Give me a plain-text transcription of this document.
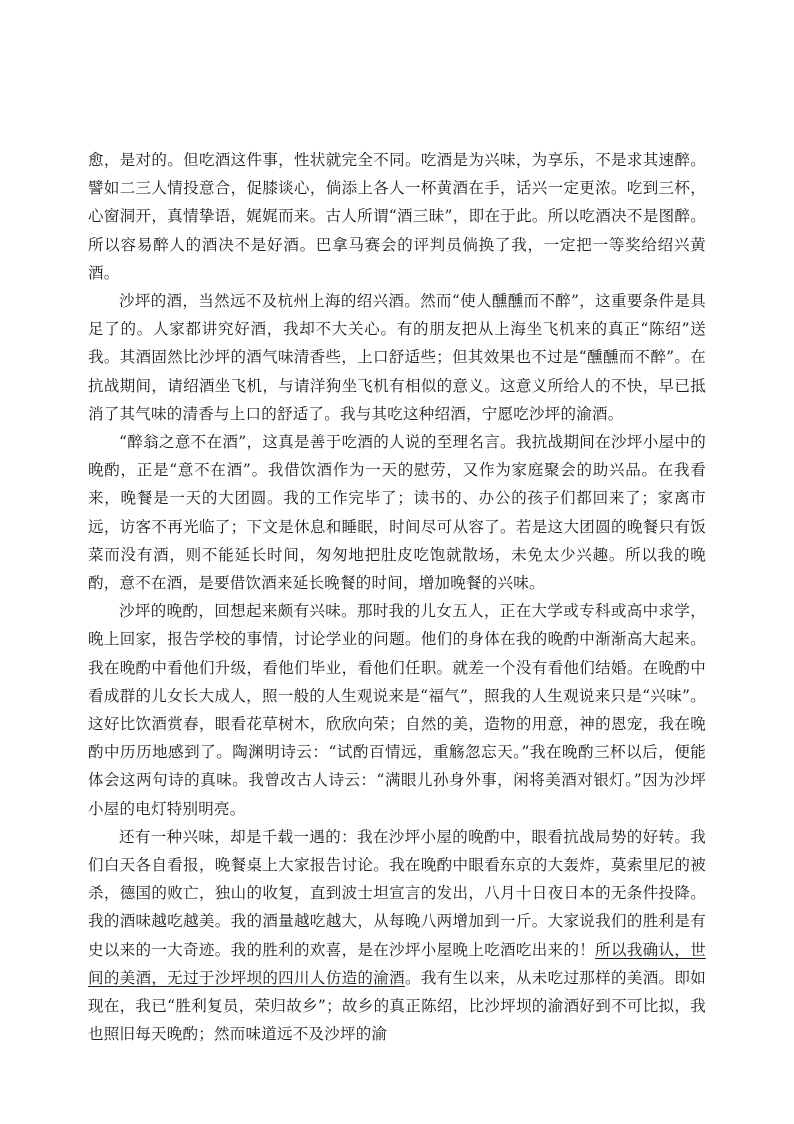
愈，是对的。但吃酒这件事，性状就完全不同。吃酒是为兴味，为享乐，不是求其速醉。譬如二三人情投意合，促膝谈心，倘添上各人一杯黄酒在手，话兴一定更浓。吃到三杯，心窗洞开，真情挚语，娓娓而来。古人所谓“酒三昧”，即在于此。所以吃酒决不是图醉。所以容易醉人的酒决不是好酒。巴拿马赛会的评判员倘换了我，一定把一等奖给绍兴黄酒。

沙坪的酒，当然远不及杭州上海的绍兴酒。然而“使人醺醺而不醉”，这重要条件是具足了的。人家都讲究好酒，我却不大关心。有的朋友把从上海坐飞机来的真正“陈绍”送我。其酒固然比沙坪的酒气味清香些，上口舒适些；但其效果也不过是“醺醺而不醉”。在抗战期间，请绍酒坐飞机，与请洋狗坐飞机有相似的意义。这意义所给人的不快，早已抵消了其气味的清香与上口的舒适了。我与其吃这种绍酒，宁愿吃沙坪的渝酒。

“醉翁之意不在酒”，这真是善于吃酒的人说的至理名言。我抗战期间在沙坪小屋中的晚酌，正是“意不在酒”。我借饮酒作为一天的慰劳，又作为家庭聚会的助兴品。在我看来，晚餐是一天的大团圆。我的工作完毕了；读书的、办公的孩子们都回来了；家离市远，访客不再光临了；下文是休息和睡眠，时间尽可从容了。若是这大团圆的晚餐只有饭菜而没有酒，则不能延长时间，匆匆地把肚皮吃饱就散场，未免太少兴趣。所以我的晚酌，意不在酒，是要借饮酒来延长晚餐的时间，增加晚餐的兴味。

沙坪的晚酌，回想起来颇有兴味。那时我的儿女五人，正在大学或专科或高中求学，晚上回家，报告学校的事情，讨论学业的问题。他们的身体在我的晚酌中渐渐高大起来。我在晚酌中看他们升级，看他们毕业，看他们任职。就差一个没有看他们结婚。在晚酌中看成群的儿女长大成人，照一般的人生观说来是“福气”，照我的人生观说来只是“兴味”。这好比饮酒赏春，眼看花草树木，欣欣向荣；自然的美，造物的用意，神的恩宠，我在晚酌中历历地感到了。陶渊明诗云：“试酌百情远，重觞忽忘天。”我在晚酌三杯以后，便能体会这两句诗的真味。我曾改古人诗云：“满眼儿孙身外事，闲将美酒对银灯。”因为沙坪小屋的电灯特别明亮。

还有一种兴味，却是千载一遇的：我在沙坪小屋的晚酌中，眼看抗战局势的好转。我们白天各自看报，晚餐桌上大家报告讨论。我在晚酌中眼看东京的大轰炸，莫索里尼的被杀，德国的败亡，独山的收复，直到波士坦宣言的发出，八月十日夜日本的无条件投降。我的酒味越吃越美。我的酒量越吃越大，从每晚八两增加到一斤。大家说我们的胜利是有史以来的一大奇迹。我的胜利的欢喜，是在沙坪小屋晚上吃酒吃出来的！所以我确认，世间的美酒，无过于沙坪坝的四川人仿造的渝酒。我有生以来，从未吃过那样的美酒。即如现在，我已“胜利复员，荣归故乡”；故乡的真正陈绍，比沙坪坝的渝酒好到不可比拟，我也照旧每天晚酌；然而味道远不及沙坪的渝
